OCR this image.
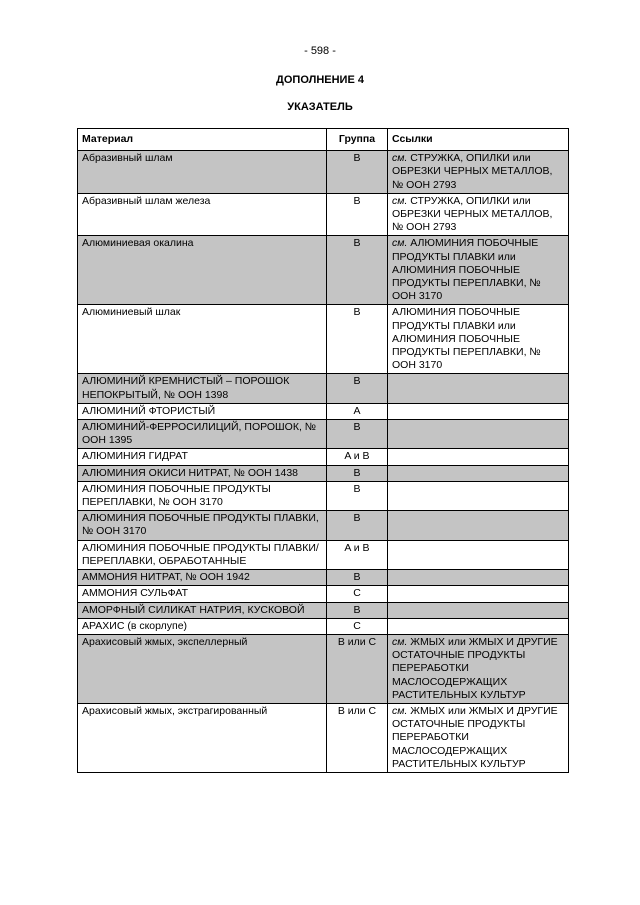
- 598 -
ДОПОЛНЕНИЕ 4
УКАЗАТЕЛЬ
Материал	Группа	Ссылки
Абразивный шлам	B	см. СТРУЖКА, ОПИЛКИ или ОБРЕЗКИ ЧЕРНЫХ МЕТАЛЛОВ, № ООН 2793
Абразивный шлам железа	B	см. СТРУЖКА, ОПИЛКИ или ОБРЕЗКИ ЧЕРНЫХ МЕТАЛЛОВ, № ООН 2793
Алюминиевая окалина	B	см. АЛЮМИНИЯ ПОБОЧНЫЕ ПРОДУКТЫ ПЛАВКИ или АЛЮМИНИЯ ПОБОЧНЫЕ ПРОДУКТЫ ПЕРЕПЛАВКИ, № ООН 3170
Алюминиевый шлак	B	АЛЮМИНИЯ ПОБОЧНЫЕ ПРОДУКТЫ ПЛАВКИ или АЛЮМИНИЯ ПОБОЧНЫЕ ПРОДУКТЫ ПЕРЕПЛАВКИ, № ООН 3170
АЛЮМИНИЙ КРЕМНИСТЫЙ – ПОРОШОК НЕПОКРЫТЫЙ, № ООН 1398	B	
АЛЮМИНИЙ ФТОРИСТЫЙ	A	
АЛЮМИНИЙ-ФЕРРОСИЛИЦИЙ, ПОРОШОК, № ООН 1395	B	
АЛЮМИНИЯ ГИДРАТ	A и B	
АЛЮМИНИЯ ОКИСИ НИТРАТ, № ООН 1438	B	
АЛЮМИНИЯ ПОБОЧНЫЕ ПРОДУКТЫ ПЕРЕПЛАВКИ, № ООН 3170	B	
АЛЮМИНИЯ ПОБОЧНЫЕ ПРОДУКТЫ ПЛАВКИ, № ООН 3170	B	
АЛЮМИНИЯ ПОБОЧНЫЕ ПРОДУКТЫ ПЛАВКИ/ПЕРЕПЛАВКИ, ОБРАБОТАННЫЕ	A и B	
АММОНИЯ НИТРАТ, № ООН 1942	B	
АММОНИЯ СУЛЬФАТ	C	
АМОРФНЫЙ СИЛИКАТ НАТРИЯ, КУСКОВОЙ	B	
АРАХИС (в скорлупе)	C	
Арахисовый жмых, экспеллерный	B или C	см. ЖМЫХ или ЖМЫХ И ДРУГИЕ ОСТАТОЧНЫЕ ПРОДУКТЫ ПЕРЕРАБОТКИ МАСЛОСОДЕРЖАЩИХ РАСТИТЕЛЬНЫХ КУЛЬТУР
Арахисовый жмых, экстрагированный	B или C	см. ЖМЫХ или ЖМЫХ И ДРУГИЕ ОСТАТОЧНЫЕ ПРОДУКТЫ ПЕРЕРАБОТКИ МАСЛОСОДЕРЖАЩИХ РАСТИТЕЛЬНЫХ КУЛЬТУР
